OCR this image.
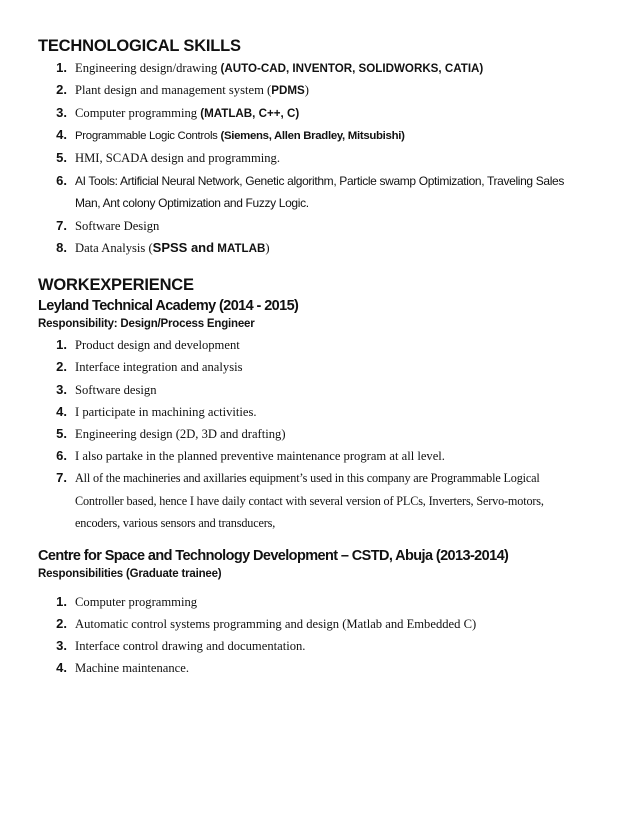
TECHNOLOGICAL SKILLS
1. Engineering design/drawing (AUTO-CAD, INVENTOR, SOLIDWORKS, CATIA)
2. Plant design and management system (PDMS)
3. Computer programming (MATLAB, C++, C)
4. Programmable Logic Controls (Siemens, Allen Bradley, Mitsubishi)
5. HMI, SCADA design and programming.
6. AI Tools: Artificial Neural Network, Genetic algorithm, Particle swamp Optimization, Traveling Sales
Man, Ant colony Optimization and Fuzzy Logic.
7. Software Design
8. Data Analysis (SPSS and MATLAB)
WORKEXPERIENCE
Leyland Technical Academy (2014 - 2015)
Responsibility: Design/Process Engineer
1. Product design and development
2. Interface integration and analysis
3. Software design
4. I participate in machining activities.
5. Engineering design (2D, 3D and drafting)
6. I also partake in the planned preventive maintenance program at all level.
7. All of the machineries and axillaries equipment’s used in this company are Programmable Logical
Controller based, hence I have daily contact with several version of PLCs, Inverters, Servo-motors,
encoders, various sensors and transducers,
Centre for Space and Technology Development – CSTD, Abuja (2013-2014)
Responsibilities (Graduate trainee)
1. Computer programming
2. Automatic control systems programming and design (Matlab and Embedded C)
3. Interface control drawing and documentation.
4. Machine maintenance.
